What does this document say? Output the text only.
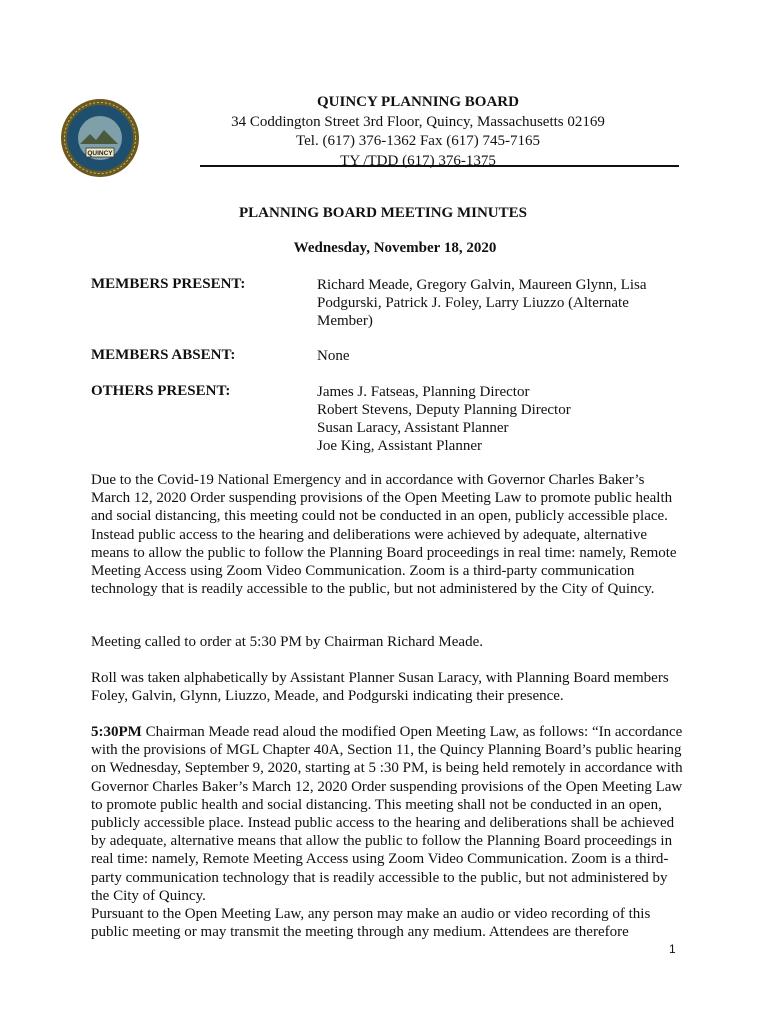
QUINCY
QUINCY PLANNING BOARD
34 Coddington Street 3rd Floor, Quincy, Massachusetts 02169
Tel. (617) 376-1362 Fax (617) 745-7165
TY /TDD (617) 376-1375
PLANNING BOARD MEETING MINUTES
Wednesday, November 18, 2020
MEMBERS PRESENT:	Richard Meade, Gregory Galvin, Maureen Glynn, Lisa Podgurski, Patrick J. Foley, Larry Liuzzo (Alternate Member)
MEMBERS ABSENT:	None
OTHERS PRESENT:	James J. Fatseas, Planning Director
Robert Stevens, Deputy Planning Director
Susan Laracy, Assistant Planner
Joe King, Assistant Planner

Due to the Covid-19 National Emergency and in accordance with Governor Charles Baker’s March 12, 2020 Order suspending provisions of the Open Meeting Law to promote public health and social distancing, this meeting could not be conducted in an open, publicly accessible place. Instead public access to the hearing and deliberations were achieved by adequate, alternative means to allow the public to follow the Planning Board proceedings in real time: namely, Remote Meeting Access using Zoom Video Communication. Zoom is a third-party communication technology that is readily accessible to the public, but not administered by the City of Quincy.

Meeting called to order at 5:30 PM by Chairman Richard Meade.

Roll was taken alphabetically by Assistant Planner Susan Laracy, with Planning Board members Foley, Galvin, Glynn, Liuzzo, Meade, and Podgurski indicating their presence.

5:30PM Chairman Meade read aloud the modified Open Meeting Law, as follows: “In accordance with the provisions of MGL Chapter 40A, Section 11, the Quincy Planning Board’s public hearing on Wednesday, September 9, 2020, starting at 5 :30 PM, is being held remotely in accordance with Governor Charles Baker’s March 12, 2020 Order suspending provisions of the Open Meeting Law to promote public health and social distancing. This meeting shall not be conducted in an open, publicly accessible place. Instead public access to the hearing and deliberations shall be achieved by adequate, alternative means that allow the public to follow the Planning Board proceedings in real time: namely, Remote Meeting Access using Zoom Video Communication. Zoom is a third-party communication technology that is readily accessible to the public, but not administered by the City of Quincy.

Pursuant to the Open Meeting Law, any person may make an audio or video recording of this public meeting or may transmit the meeting through any medium. Attendees are therefore

1
